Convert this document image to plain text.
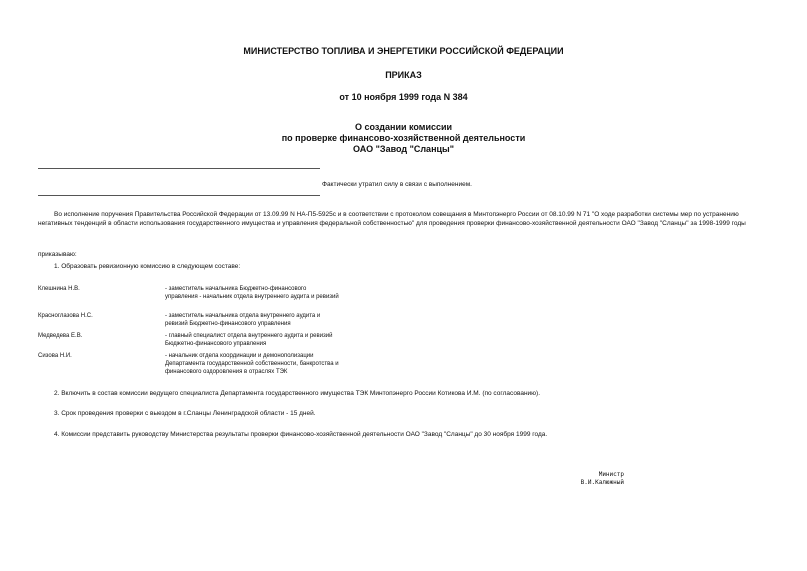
МИНИСТЕРСТВО ТОПЛИВА И ЭНЕРГЕТИКИ РОССИЙСКОЙ ФЕДЕРАЦИИ
ПРИКАЗ
от 10 ноября 1999 года N 384
О создании комиссии
по проверке финансово-хозяйственной деятельности
ОАО "Завод "Сланцы"
Фактически утратил силу в связи с выполнением.
Во исполнение поручения Правительства Российской Федерации от 13.09.99 N НА-П5-5925с и в соответствии с протоколом совещания в Минтопэнерго России от 08.10.99 N 71 "О ходе разработки системы мер по устранению негативных тенденций в области использования государственного имущества и управления федеральной собственностью" для проведения проверки финансово-хозяйственной деятельности ОАО "Завод "Сланцы" за 1998-1999 годы
приказываю:
1. Образовать ревизионную комиссию в следующем составе:
Клешнина Н.В.	- заместитель начальника Бюджетно-финансового управления - начальник отдела внутреннего аудита и ревизий
Красноглазова Н.С.	- заместитель начальника отдела внутреннего аудита и ревизий Бюджетно-финансового управления
Медведева Е.В.	- главный специалист отдела внутреннего аудита и ревизий Бюджетно-финансового управления
Сизова Н.И.	- начальник отдела координации и демонополизации Департамента государственной собственности, банкротства и финансового оздоровления в отраслях ТЭК
2. Включить в состав комиссии ведущего специалиста Департамента государственного имущества ТЭК Минтопэнерго России Котикова И.М. (по согласованию).
3. Срок проведения проверки с выездом в г.Сланцы Ленинградской области - 15 дней.
4. Комиссии представить руководству Министерства результаты проверки финансово-хозяйственной деятельности ОАО "Завод "Сланцы" до 30 ноября 1999 года.
Министр
В.И.Калюжный
